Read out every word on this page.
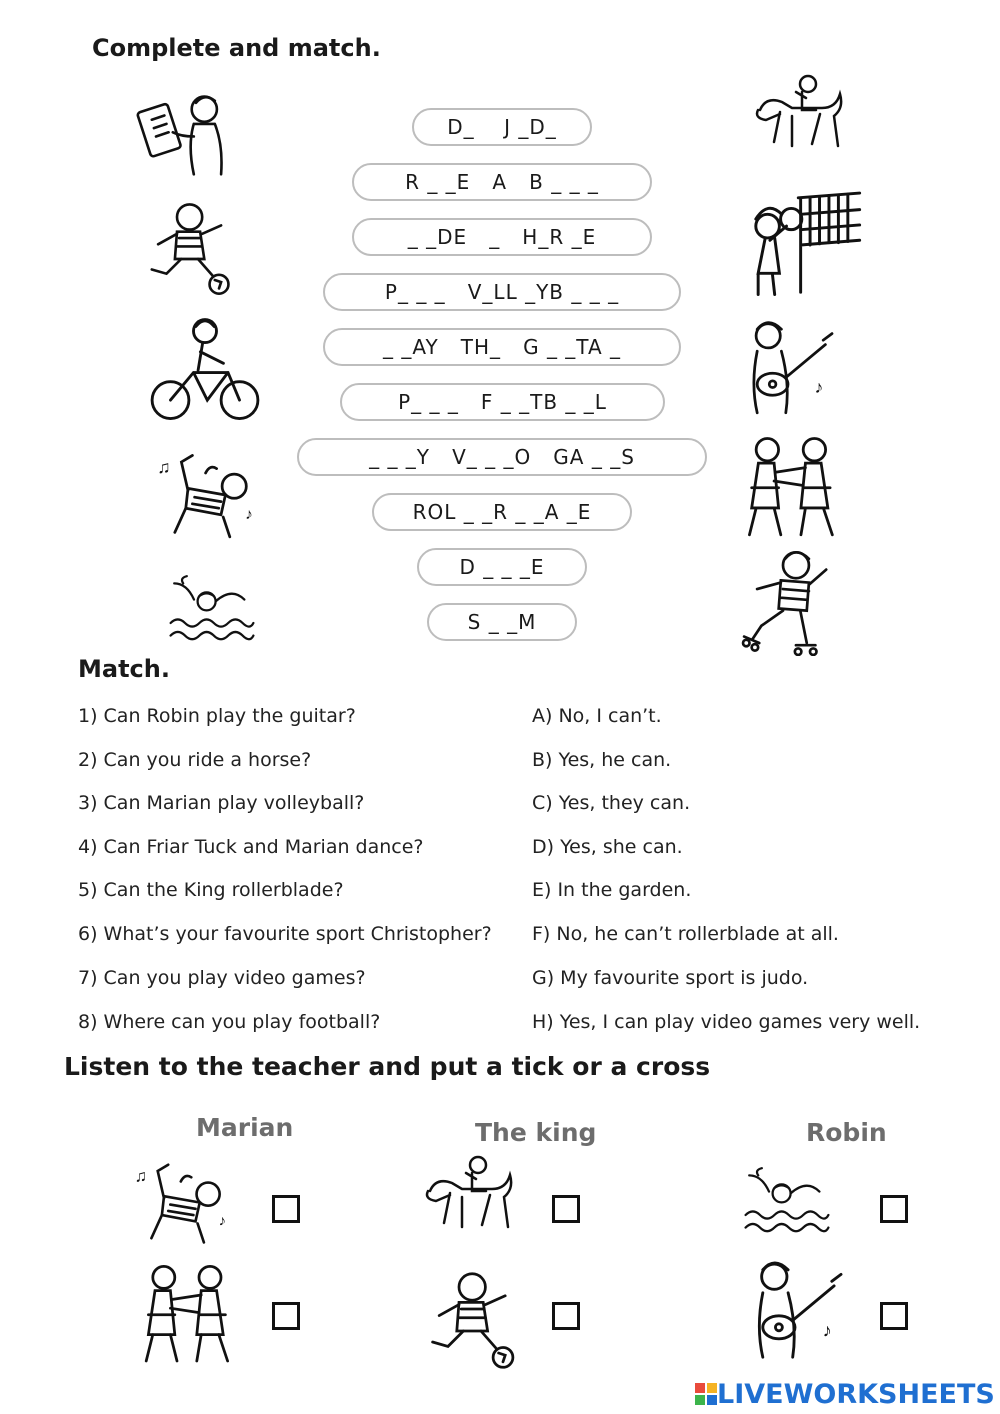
Complete and match.
D_    J _D_
R _ _E   A   B _ _ _
_ _DE   _   H_R _E
P_ _ _   V_LL _YB _ _ _
_ _AY   TH_   G _ _TA _
P_ _ _   F _ _TB _ _L
_ _ _Y   V_ _ _O   GA _ _S
ROL _ _R _ _A _E
D _ _ _E
S _ _M
Match.
1) Can Robin play the guitar?
2) Can you ride a horse?
3) Can Marian play volleyball?
4) Can Friar Tuck and Marian dance?
5) Can the King rollerblade?
6) What’s your favourite sport Christopher?
7) Can you play video games?
8) Where can you play football?
A) No, I can’t.
B) Yes, he can.
C) Yes, they can.
D) Yes, she can.
E) In the garden.
F) No, he can’t rollerblade at all.
G) My favourite sport is judo.
H) Yes, I can play video games very well.
Listen to the teacher and put a tick or a cross
Marian	The king	Robin
LIVEWORKSHEETS
